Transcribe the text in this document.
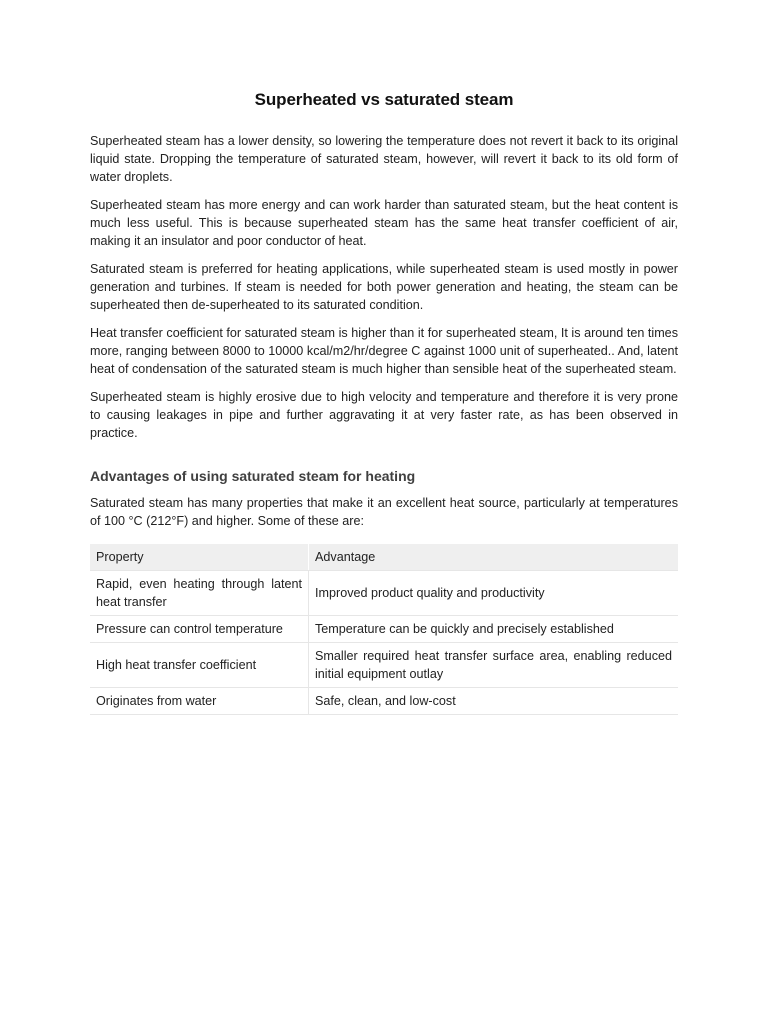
Superheated vs saturated steam

Superheated steam has a lower density, so lowering the temperature does not revert it back to its original liquid state. Dropping the temperature of saturated steam, however, will revert it back to its old form of water droplets.

Superheated steam has more energy and can work harder than saturated steam, but the heat content is much less useful. This is because superheated steam has the same heat transfer coefficient of air, making it an insulator and poor conductor of heat.

Saturated steam is preferred for heating applications, while superheated steam is used mostly in power generation and turbines. If steam is needed for both power generation and heating, the steam can be superheated then de-superheated to its saturated condition.

Heat transfer coefficient for saturated steam is higher than it for superheated steam, It is around ten times more, ranging between 8000 to 10000 kcal/m2/hr/degree C against 1000 unit of superheated.. And, latent heat of condensation of the saturated steam is much higher than sensible heat of the superheated steam.

Superheated steam is highly erosive due to high velocity and temperature and therefore it is very prone to causing leakages in pipe and further aggravating it at very faster rate, as has been observed in practice.

Advantages of using saturated steam for heating

Saturated steam has many properties that make it an excellent heat source, particularly at temperatures of 100 °C (212°F) and higher. Some of these are:

Property	Advantage
Rapid, even heating through latent heat transfer	Improved product quality and productivity
Pressure can control temperature	Temperature can be quickly and precisely established
High heat transfer coefficient	Smaller required heat transfer surface area, enabling reduced initial equipment outlay
Originates from water	Safe, clean, and low-cost
